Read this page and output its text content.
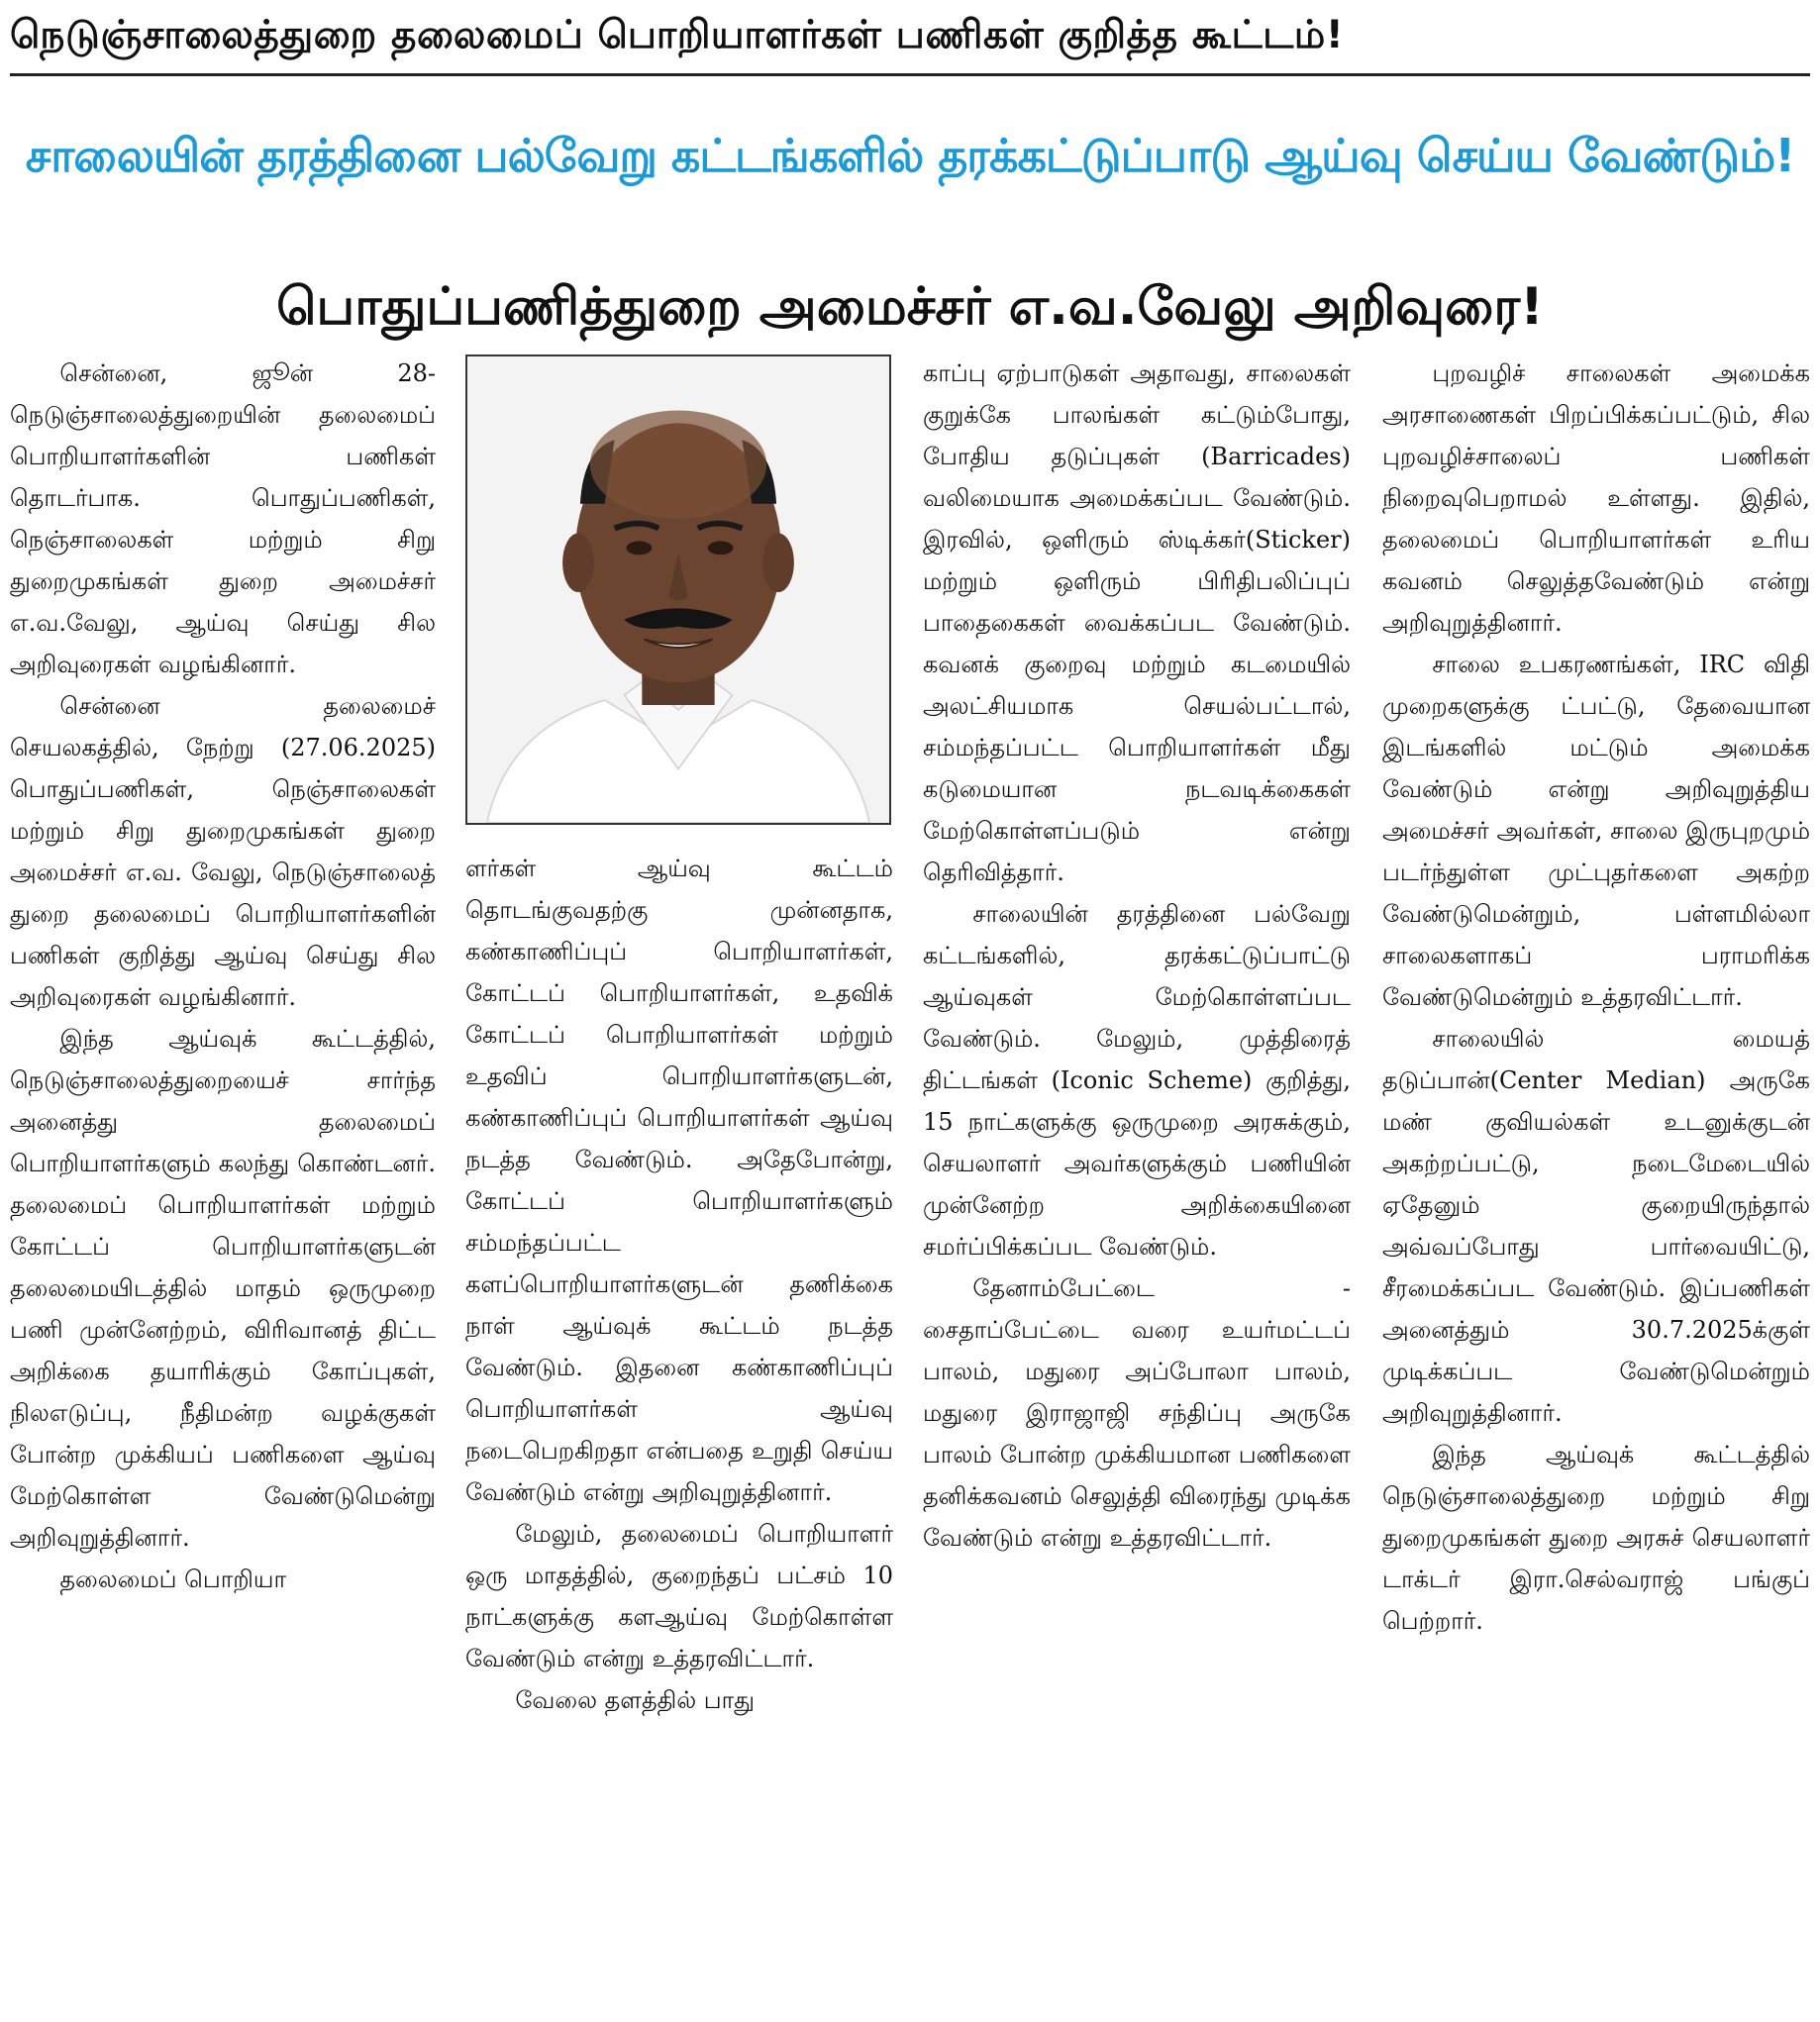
நெடுஞ்சாலைத்துறை தலைமைப் பொறியாளர்கள் பணிகள் குறித்த கூட்டம்!
சாலையின் தரத்தினை பல்வேறு கட்டங்களில் தரக்கட்டுப்பாடு ஆய்வு செய்ய வேண்டும்!
பொதுப்பணித்துறை அமைச்சர் எ.வ.வேலு அறிவுரை!

சென்னை, ஜூன் 28- நெடுஞ்சாலைத்துறையின் தலைமைப் பொறியாளர்களின் பணிகள் தொடர்பாக. பொதுப்பணிகள், நெஞ்சாலைகள் மற்றும் சிறு துறைமுகங்கள் துறை அமைச்சர் எ.வ.வேலு, ஆய்வு செய்து சில அறிவுரைகள் வழங்கினார்.

சென்னை தலைமைச் செயலகத்தில், நேற்று (27.06.2025) பொதுப்பணிகள், நெஞ்சாலைகள் மற்றும் சிறு துறைமுகங்கள் துறை அமைச்சர் எ.வ. வேலு, நெடுஞ்சாலைத் துறை தலைமைப் பொறியாளர்களின் பணிகள் குறித்து ஆய்வு செய்து சில அறிவுரைகள் வழங்கினார்.

இந்த ஆய்வுக் கூட்டத்தில், நெடுஞ்சாலைத்துறையைச் சார்ந்த அனைத்து தலைமைப் பொறியாளர்களும் கலந்து கொண்டனர். தலைமைப் பொறியாளர்கள் மற்றும் கோட்டப் பொறியாளர்களுடன் தலைமையிடத்தில் மாதம் ஒருமுறை பணி முன்னேற்றம், விரிவானத் திட்ட அறிக்கை தயாரிக்கும் கோப்புகள், நிலஎடுப்பு, நீதிமன்ற வழக்குகள் போன்ற முக்கியப் பணிகளை ஆய்வு மேற்கொள்ள வேண்டுமென்று அறிவுறுத்தினார்.

தலைமைப் பொறியா

ளர்கள் ஆய்வு கூட்டம் தொடங்குவதற்கு முன்னதாக, கண்காணிப்புப் பொறியாளர்கள், கோட்டப் பொறியாளர்கள், உதவிக் கோட்டப் பொறியாளர்கள் மற்றும் உதவிப் பொறியாளர்களுடன், கண்காணிப்புப் பொறியாளர்கள் ஆய்வு நடத்த வேண்டும். அதேபோன்று, கோட்டப் பொறியாளர்களும் சம்மந்தப்பட்ட களப்பொறியாளர்களுடன் தணிக்கை நாள் ஆய்வுக் கூட்டம் நடத்த வேண்டும். இதனை கண்காணிப்புப் பொறியாளர்கள் ஆய்வு நடைபெறகிறதா என்பதை உறுதி செய்ய வேண்டும் என்று அறிவுறுத்தினார்.

மேலும், தலைமைப் பொறியாளர் ஒரு மாதத்தில், குறைந்தப் பட்சம் 10 நாட்களுக்கு களஆய்வு மேற்கொள்ள வேண்டும் என்று உத்தரவிட்டார்.

வேலை தளத்தில் பாது

காப்பு ஏற்பாடுகள் அதாவது, சாலைகள் குறுக்கே பாலங்கள் கட்டும்போது, போதிய தடுப்புகள் (Barricades) வலிமையாக அமைக்கப்பட வேண்டும். இரவில், ஒளிரும் ஸ்டிக்கர்(Sticker) மற்றும் ஒளிரும் பிரிதிபலிப்புப் பாதைகைகள் வைக்கப்பட வேண்டும். கவனக் குறைவு மற்றும் கடமையில் அலட்சியமாக செயல்பட்டால், சம்மந்தப்பட்ட பொறியாளர்கள் மீது கடுமையான நடவடிக்கைகள் மேற்கொள்ளப்படும் என்று தெரிவித்தார்.

சாலையின் தரத்தினை பல்வேறு கட்டங்களில், தரக்கட்டுப்பாட்டு ஆய்வுகள் மேற்கொள்ளப்பட வேண்டும். மேலும், முத்திரைத் திட்டங்கள் (Iconic Scheme) குறித்து, 15 நாட்களுக்கு ஒருமுறை அரசுக்கும், செயலாளர் அவர்களுக்கும் பணியின் முன்னேற்ற அறிக்கையினை சமர்ப்பிக்கப்பட வேண்டும்.

தேனாம்பேட்டை - சைதாப்பேட்டை வரை உயர்மட்டப் பாலம், மதுரை அப்போலா பாலம், மதுரை இராஜாஜி சந்திப்பு அருகே பாலம் போன்ற முக்கியமான பணிகளை தனிக்கவனம் செலுத்தி விரைந்து முடிக்க வேண்டும் என்று உத்தரவிட்டார்.

புறவழிச் சாலைகள் அமைக்க அரசாணைகள் பிறப்பிக்கப்பட்டும், சில புறவழிச்சாலைப் பணிகள் நிறைவுபெறாமல் உள்ளது. இதில், தலைமைப் பொறியாளர்கள் உரிய கவனம் செலுத்தவேண்டும் என்று அறிவுறுத்தினார்.

சாலை உபகரணங்கள், IRC விதி முறைகளுக்கு ட்பட்டு, தேவையான இடங்களில் மட்டும் அமைக்க வேண்டும் என்று அறிவுறுத்திய அமைச்சர் அவர்கள், சாலை இருபுறமும் படர்ந்துள்ள முட்புதர்களை அகற்ற வேண்டுமென்றும், பள்ளமில்லா சாலைகளாகப் பராமரிக்க வேண்டுமென்றும் உத்தரவிட்டார்.

சாலையில் மையத் தடுப்பான்(Center Median) அருகே மண் குவியல்கள் உடனுக்குடன் அகற்றப்பட்டு, நடைமேடையில் ஏதேனும் குறையிருந்தால் அவ்வப்போது பார்வையிட்டு, சீரமைக்கப்பட வேண்டும். இப்பணிகள் அனைத்தும் 30.7.2025க்குள் முடிக்கப்பட வேண்டுமென்றும் அறிவுறுத்தினார்.

இந்த ஆய்வுக் கூட்டத்தில் நெடுஞ்சாலைத்துறை மற்றும் சிறு துறைமுகங்கள் துறை அரசுச் செயலாளர் டாக்டர் இரா.செல்வராஜ் பங்குப் பெற்றார்.
